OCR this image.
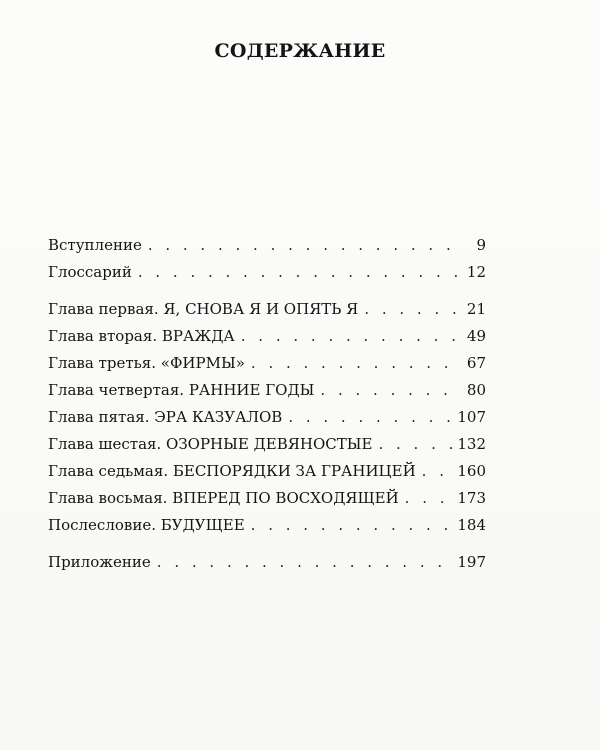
СОДЕРЖАНИЕ
Вступление . . .	9
Глоссарий . . .	12
Глава первая. Я, СНОВА Я И ОПЯТЬ Я . . .	21
Глава вторая. ВРАЖДА . . .	49
Глава третья. «ФИРМЫ» . . .	67
Глава четвертая. РАННИЕ ГОДЫ . . .	80
Глава пятая. ЭРА КАЗУАЛОВ . . .	107
Глава шестая. ОЗОРНЫЕ ДЕВЯНОСТЫЕ . . .	132
Глава седьмая. БЕСПОРЯДКИ ЗА ГРАНИЦЕЙ . . .	160
Глава восьмая. ВПЕРЕД ПО ВОСХОДЯЩЕЙ . . .	173
Послесловие. БУДУЩЕЕ . . .	184
Приложение . . .	197
